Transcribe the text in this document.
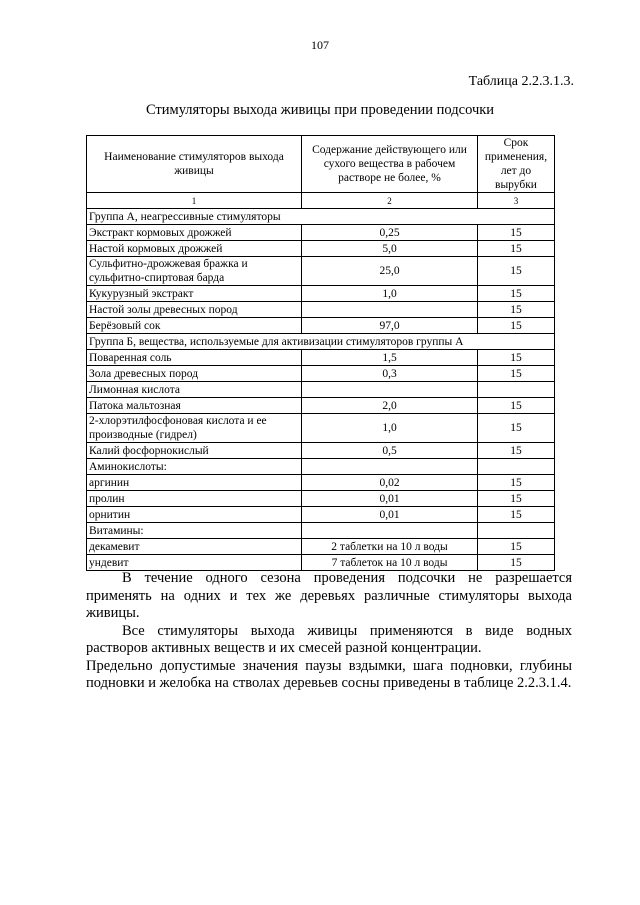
107
Таблица 2.2.3.1.3.
Стимуляторы выхода живицы при проведении подсочки
Наименование стимуляторов выхода живицы	Содержание действующего или сухого вещества в рабочем растворе не более, %	Срок применения, лет до вырубки
1	2	3
Группа А, неагрессивные стимуляторы		
Экстракт кормовых дрожжей	0,25	15
Настой кормовых дрожжей	5,0	15
Сульфитно-дрожжевая бражка и сульфитно-спиртовая барда	25,0	15
Кукурузный экстракт	1,0	15
Настой золы древесных пород		15
Берёзовый сок	97,0	15
Группа Б, вещества, используемые для активизации стимуляторов группы А		
Поваренная соль	1,5	15
Зола древесных пород	0,3	15
Лимонная кислота		
Патока мальтозная	2,0	15
2-хлорэтилфосфоновая кислота и ее производные (гидрел)	1,0	15
Калий фосфорнокислый	0,5	15
Аминокислоты:		
аргинин	0,02	15
пролин	0,01	15
орнитин	0,01	15
Витамины:		
декамевит	2 таблетки на 10 л воды	15
ундевит	7 таблеток на 10 л воды	15

В течение одного сезона проведения подсочки не разрешается применять на одних и тех же деревьях различные стимуляторы выхода живицы.

Все стимуляторы выхода живицы применяются в виде водных растворов активных веществ и их смесей разной концентрации.

Предельно допустимые значения паузы вздымки, шага подновки, глубины подновки и желобка на стволах деревьев сосны приведены в таблице 2.2.3.1.4.
